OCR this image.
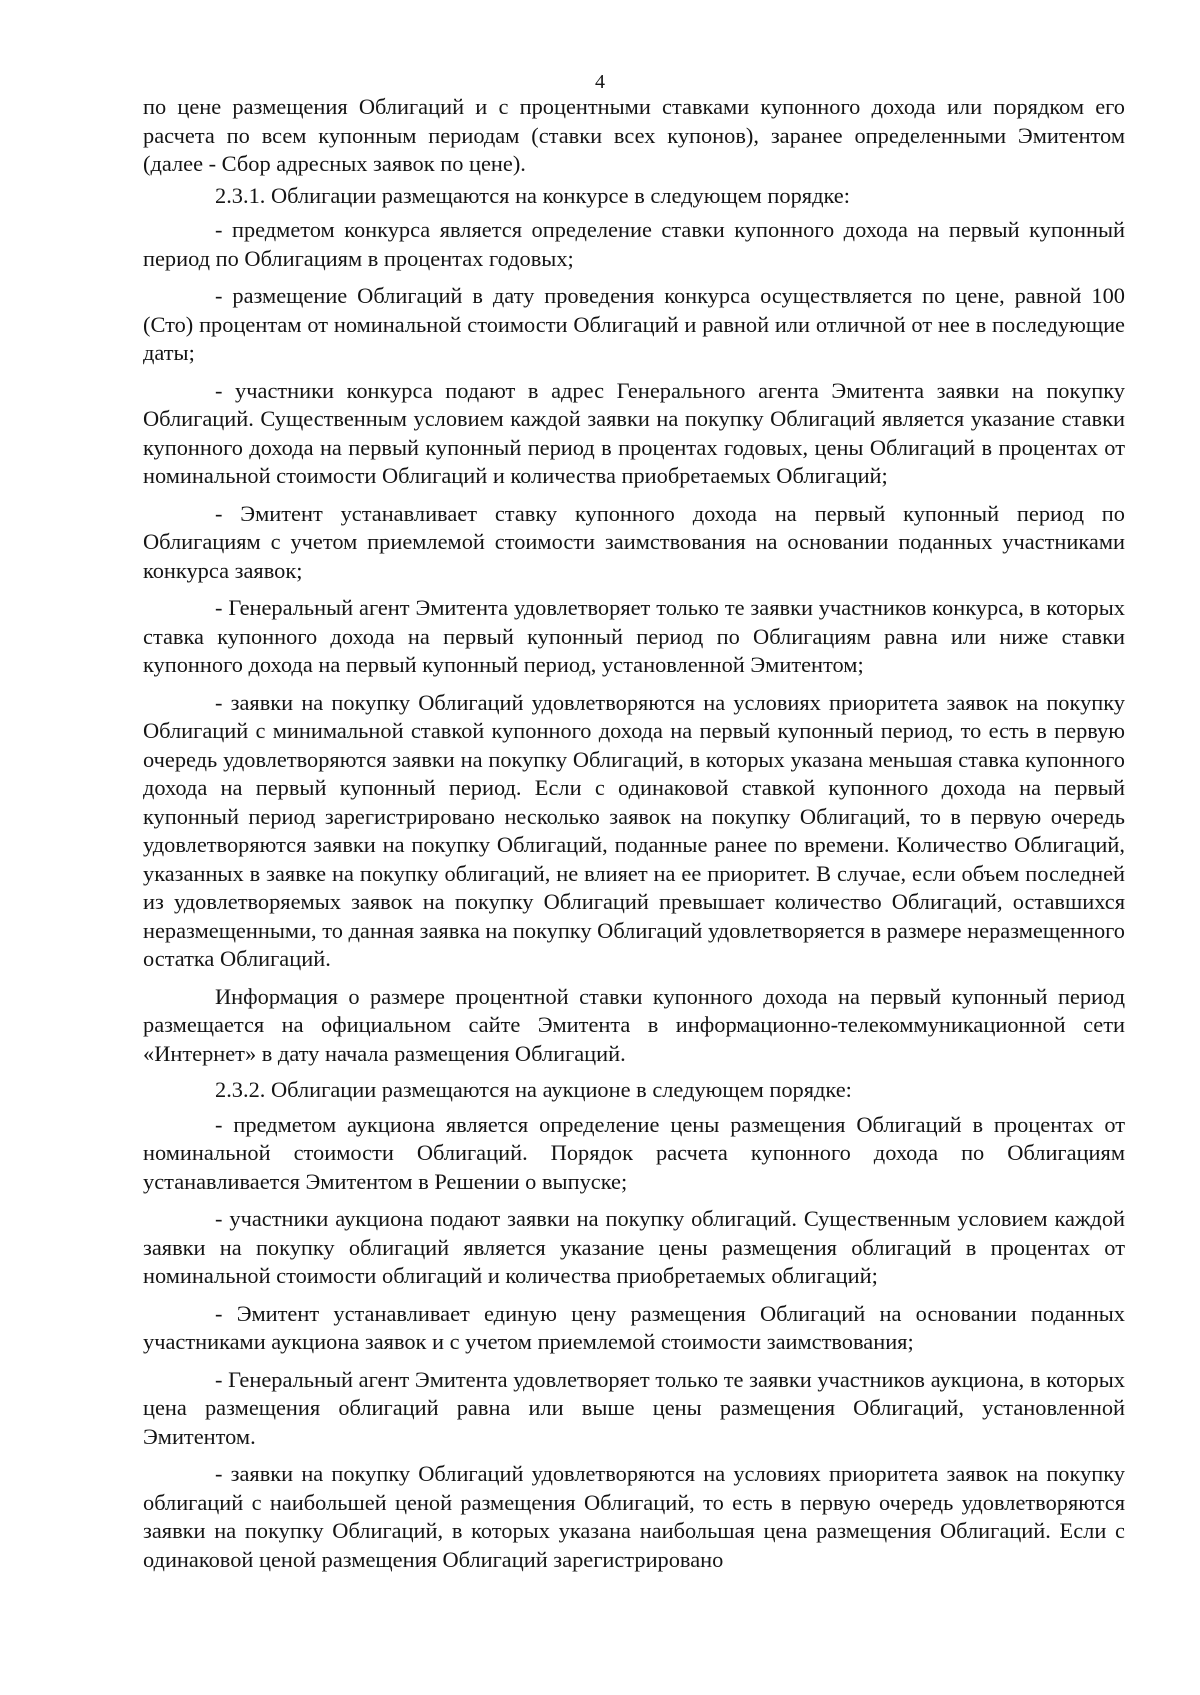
4

по цене размещения Облигаций и с процентными ставками купонного дохода или порядком его расчета по всем купонным периодам (ставки всех купонов), заранее определенными Эмитентом (далее - Сбор адресных заявок по цене).

2.3.1. Облигации размещаются на конкурсе в следующем порядке:

- предметом конкурса является определение ставки купонного дохода на первый купонный период по Облигациям в процентах годовых;

- размещение Облигаций в дату проведения конкурса осуществляется по цене, равной 100 (Сто) процентам от номинальной стоимости Облигаций и равной или отличной от нее в последующие даты;

- участники конкурса подают в адрес Генерального агента Эмитента заявки на покупку Облигаций. Существенным условием каждой заявки на покупку Облигаций является указание ставки купонного дохода на первый купонный период в процентах годовых, цены Облигаций в процентах от номинальной стоимости Облигаций и количества приобретаемых Облигаций;

- Эмитент устанавливает ставку купонного дохода на первый купонный период по Облигациям с учетом приемлемой стоимости заимствования на основании поданных участниками конкурса заявок;

- Генеральный агент Эмитента удовлетворяет только те заявки участников конкурса, в которых ставка купонного дохода на первый купонный период по Облигациям равна или ниже ставки купонного дохода на первый купонный период, установленной Эмитентом;

- заявки на покупку Облигаций удовлетворяются на условиях приоритета заявок на покупку Облигаций с минимальной ставкой купонного дохода на первый купонный период, то есть в первую очередь удовлетворяются заявки на покупку Облигаций, в которых указана меньшая ставка купонного дохода на первый купонный период. Если с одинаковой ставкой купонного дохода на первый купонный период зарегистрировано несколько заявок на покупку Облигаций, то в первую очередь удовлетворяются заявки на покупку Облигаций, поданные ранее по времени. Количество Облигаций, указанных в заявке на покупку облигаций, не влияет на ее приоритет. В случае, если объем последней из удовлетворяемых заявок на покупку Облигаций превышает количество Облигаций, оставшихся неразмещенными, то данная заявка на покупку Облигаций удовлетворяется в размере неразмещенного остатка Облигаций.

Информация о размере процентной ставки купонного дохода на первый купонный период размещается на официальном сайте Эмитента в информационно-телекоммуникационной сети «Интернет» в дату начала размещения Облигаций.

2.3.2. Облигации размещаются на аукционе в следующем порядке:

- предметом аукциона является определение цены размещения Облигаций в процентах от номинальной стоимости Облигаций. Порядок расчета купонного дохода по Облигациям устанавливается Эмитентом в Решении о выпуске;

- участники аукциона подают заявки на покупку облигаций. Существенным условием каждой заявки на покупку облигаций является указание цены размещения облигаций в процентах от номинальной стоимости облигаций и количества приобретаемых облигаций;

- Эмитент устанавливает единую цену размещения Облигаций на основании поданных участниками аукциона заявок и с учетом приемлемой стоимости заимствования;

- Генеральный агент Эмитента удовлетворяет только те заявки участников аукциона, в которых цена размещения облигаций равна или выше цены размещения Облигаций, установленной Эмитентом.

- заявки на покупку Облигаций удовлетворяются на условиях приоритета заявок на покупку облигаций с наибольшей ценой размещения Облигаций, то есть в первую очередь удовлетворяются заявки на покупку Облигаций, в которых указана наибольшая цена размещения Облигаций. Если с одинаковой ценой размещения Облигаций зарегистрировано
